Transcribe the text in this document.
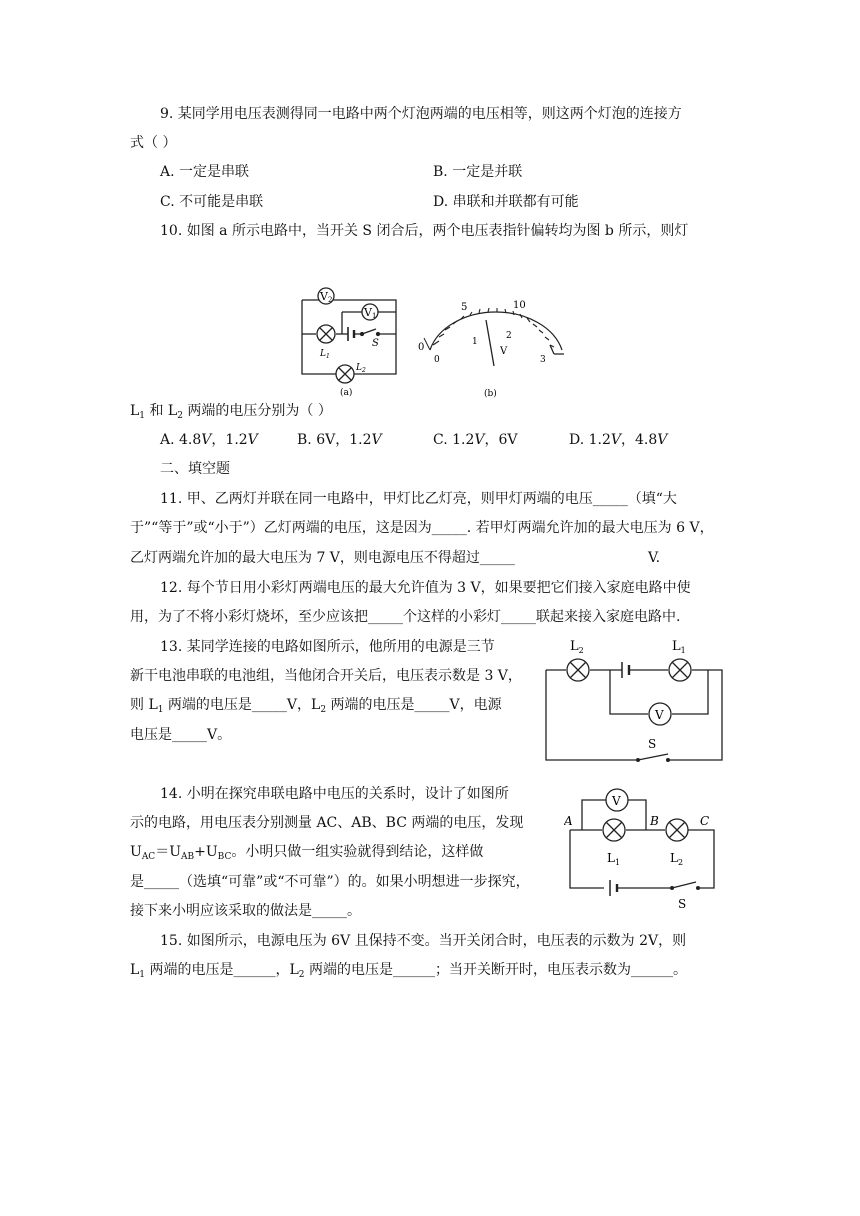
9. 某同学用电压表测得同一电路中两个灯泡两端的电压相等，则这两个灯泡的连接方
式（ ）
A. 一定是串联	B. 一定是并联
C. 不可能是串联	D. 串联和并联都有可能
10. 如图 a 所示电路中，当开关 S 闭合后，两个电压表指针偏转均为图 b 所示，则灯
V2
V1
S
$L_1$
$L_2$
(a)
0
5	10
0
1
2
3
V
(b)
$L_1$ 和 $L_2$ 两端的电压分别为（ ）
A. 4.8V，1.2V	B. 6V，1.2V	C. 1.2V，6V	D. 1.2V，4.8V
二、填空题
11. 甲、乙两灯并联在同一电路中，甲灯比乙灯亮，则甲灯两端的电压_____（填“大
于”“等于”或“小于”）乙灯两端的电压，这是因为_____. 若甲灯两端允许加的最大电压为 6 V，
乙灯两端允许加的最大电压为 7 V，则电源电压不得超过_____	V.
12. 每个节日用小彩灯两端电压的最大允许值为 3 V，如果要把它们接入家庭电路中使
用，为了不将小彩灯烧坏，至少应该把_____个这样的小彩灯_____联起来接入家庭电路中.
13. 某同学连接的电路如图所示，他所用的电源是三节
新干电池串联的电池组，当他闭合开关后，电压表示数是 3 V，
则 $L_1$ 两端的电压是_____V，$L_2$ 两端的电压是_____V，电源
电压是_____V。
$L_2$	$L_1$
V
S
14. 小明在探究串联电路中电压的关系时，设计了如图所
示的电路，用电压表分别测量 AC、AB、BC 两端的电压，发现
$U_{AC}=U_{AB}+U_{BC}$。小明只做一组实验就得到结论，这样做
是_____（选填“可靠”或“不可靠”）的。如果小明想进一步探究，
接下来小明应该采取的做法是_____。
V
A	B	C
$L_1$	$L_2$
S
15. 如图所示，电源电压为 6V 且保持不变。当开关闭合时，电压表的示数为 2V，则
$L_1$ 两端的电压是______，$L_2$ 两端的电压是______；当开关断开时，电压表示数为______。
